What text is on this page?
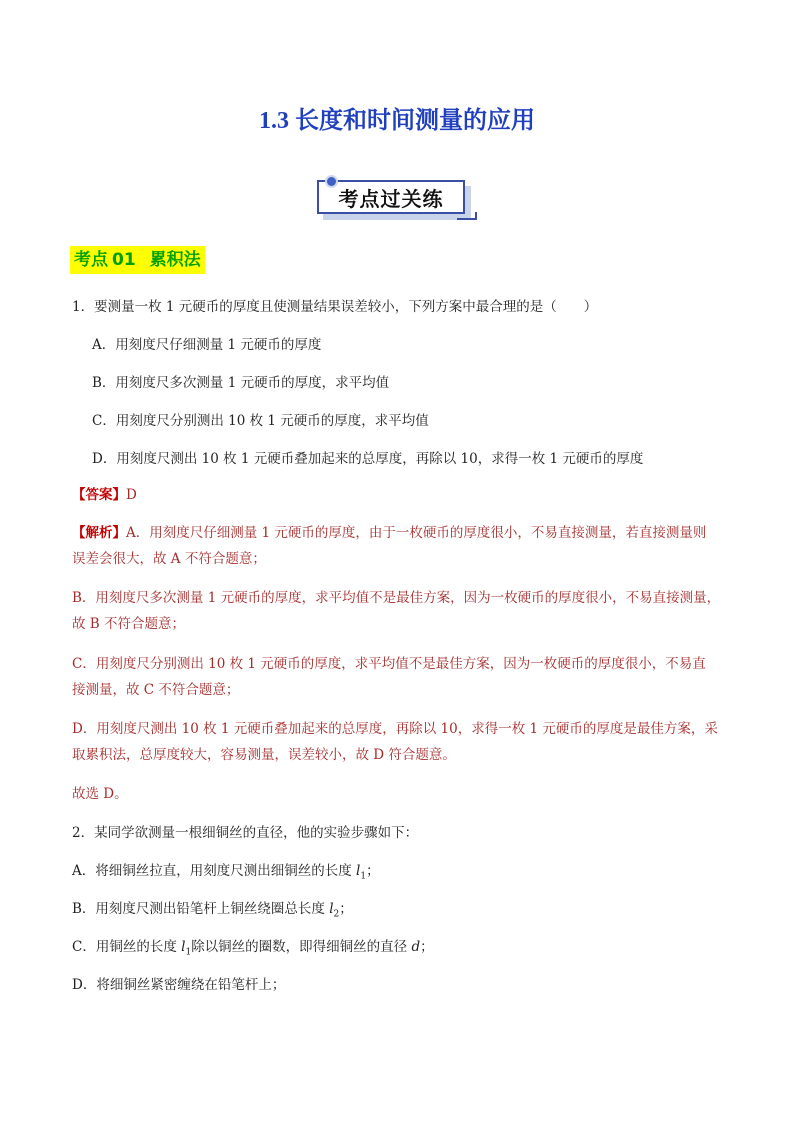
1.3 长度和时间测量的应用
考点过关练
考点 01 累积法
1．要测量一枚 1 元硬币的厚度且使测量结果误差较小，下列方案中最合理的是（　　）
A．用刻度尺仔细测量 1 元硬币的厚度
B．用刻度尺多次测量 1 元硬币的厚度，求平均值
C．用刻度尺分别测出 10 枚 1 元硬币的厚度，求平均值
D．用刻度尺测出 10 枚 1 元硬币叠加起来的总厚度，再除以 10，求得一枚 1 元硬币的厚度
【答案】D
【解析】A．用刻度尺仔细测量 1 元硬币的厚度，由于一枚硬币的厚度很小，不易直接测量，若直接测量则
误差会很大，故 A 不符合题意；
B．用刻度尺多次测量 1 元硬币的厚度，求平均值不是最佳方案，因为一枚硬币的厚度很小，不易直接测量，
故 B 不符合题意；
C．用刻度尺分别测出 10 枚 1 元硬币的厚度，求平均值不是最佳方案，因为一枚硬币的厚度很小，不易直
接测量，故 C 不符合题意；
D．用刻度尺测出 10 枚 1 元硬币叠加起来的总厚度，再除以 10，求得一枚 1 元硬币的厚度是最佳方案，采
取累积法，总厚度较大，容易测量，误差较小，故 D 符合题意。
故选 D。
2．某同学欲测量一根细铜丝的直径，他的实验步骤如下：
A．将细铜丝拉直，用刻度尺测出细铜丝的长度 $l_1$；
B．用刻度尺测出铅笔杆上铜丝绕圈总长度 $l_2$；
C．用铜丝的长度 $l_1$除以铜丝的圈数，即得细铜丝的直径 d；
D．将细铜丝紧密缠绕在铅笔杆上；
